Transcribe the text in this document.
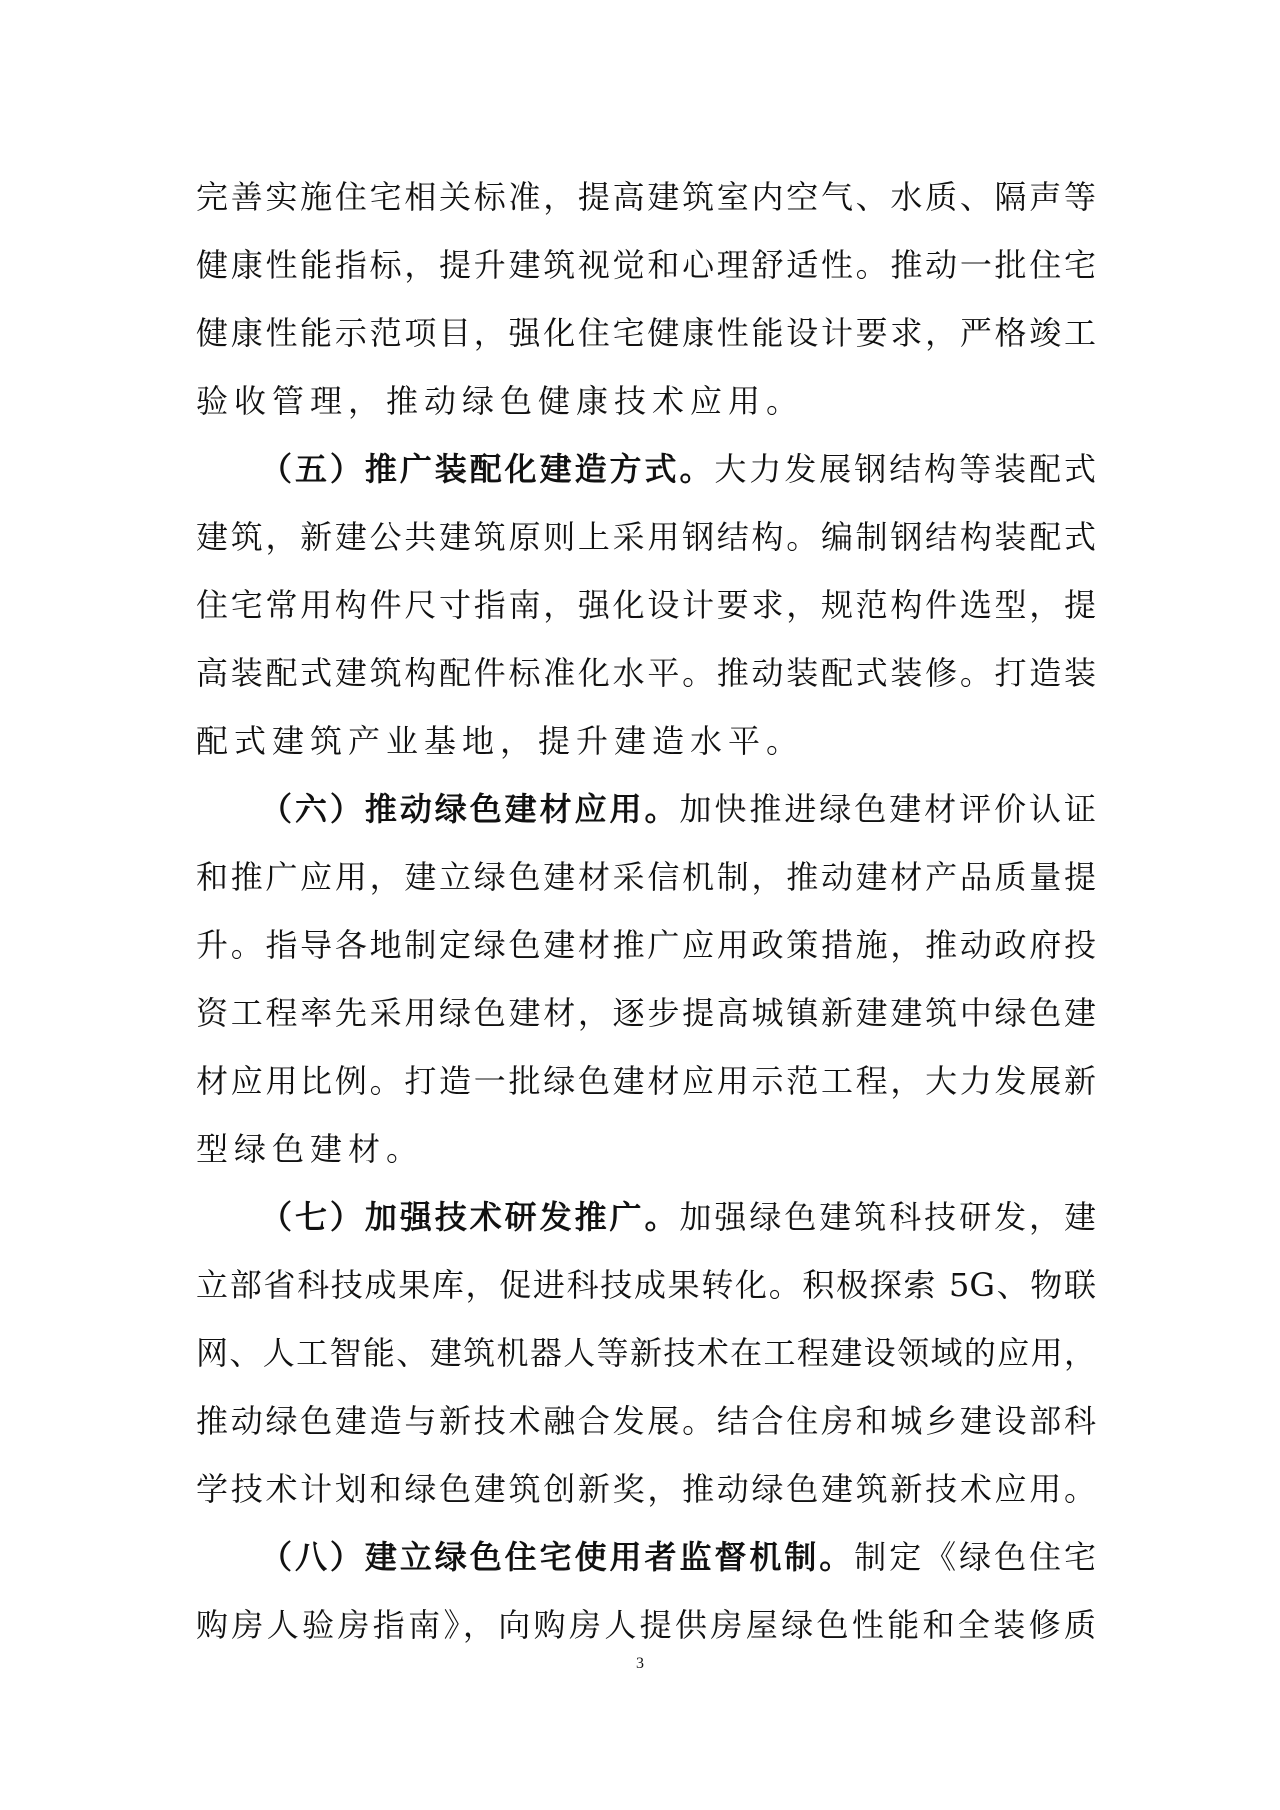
完善实施住宅相关标准，提高建筑室内空气、水质、隔声等
健康性能指标，提升建筑视觉和心理舒适性。推动一批住宅
健康性能示范项目，强化住宅健康性能设计要求，严格竣工
验收管理，推动绿色健康技术应用。
（五）推广装配化建造方式。大力发展钢结构等装配式
建筑，新建公共建筑原则上采用钢结构。编制钢结构装配式
住宅常用构件尺寸指南，强化设计要求，规范构件选型，提
高装配式建筑构配件标准化水平。推动装配式装修。打造装
配式建筑产业基地，提升建造水平。
（六）推动绿色建材应用。加快推进绿色建材评价认证
和推广应用，建立绿色建材采信机制，推动建材产品质量提
升。指导各地制定绿色建材推广应用政策措施，推动政府投
资工程率先采用绿色建材，逐步提高城镇新建建筑中绿色建
材应用比例。打造一批绿色建材应用示范工程，大力发展新
型绿色建材。
（七）加强技术研发推广。加强绿色建筑科技研发，建
立部省科技成果库，促进科技成果转化。积极探索 5G、物联
网、人工智能、建筑机器人等新技术在工程建设领域的应用，
推动绿色建造与新技术融合发展。结合住房和城乡建设部科
学技术计划和绿色建筑创新奖，推动绿色建筑新技术应用。
（八）建立绿色住宅使用者监督机制。制定《绿色住宅
购房人验房指南》，向购房人提供房屋绿色性能和全装修质
3
